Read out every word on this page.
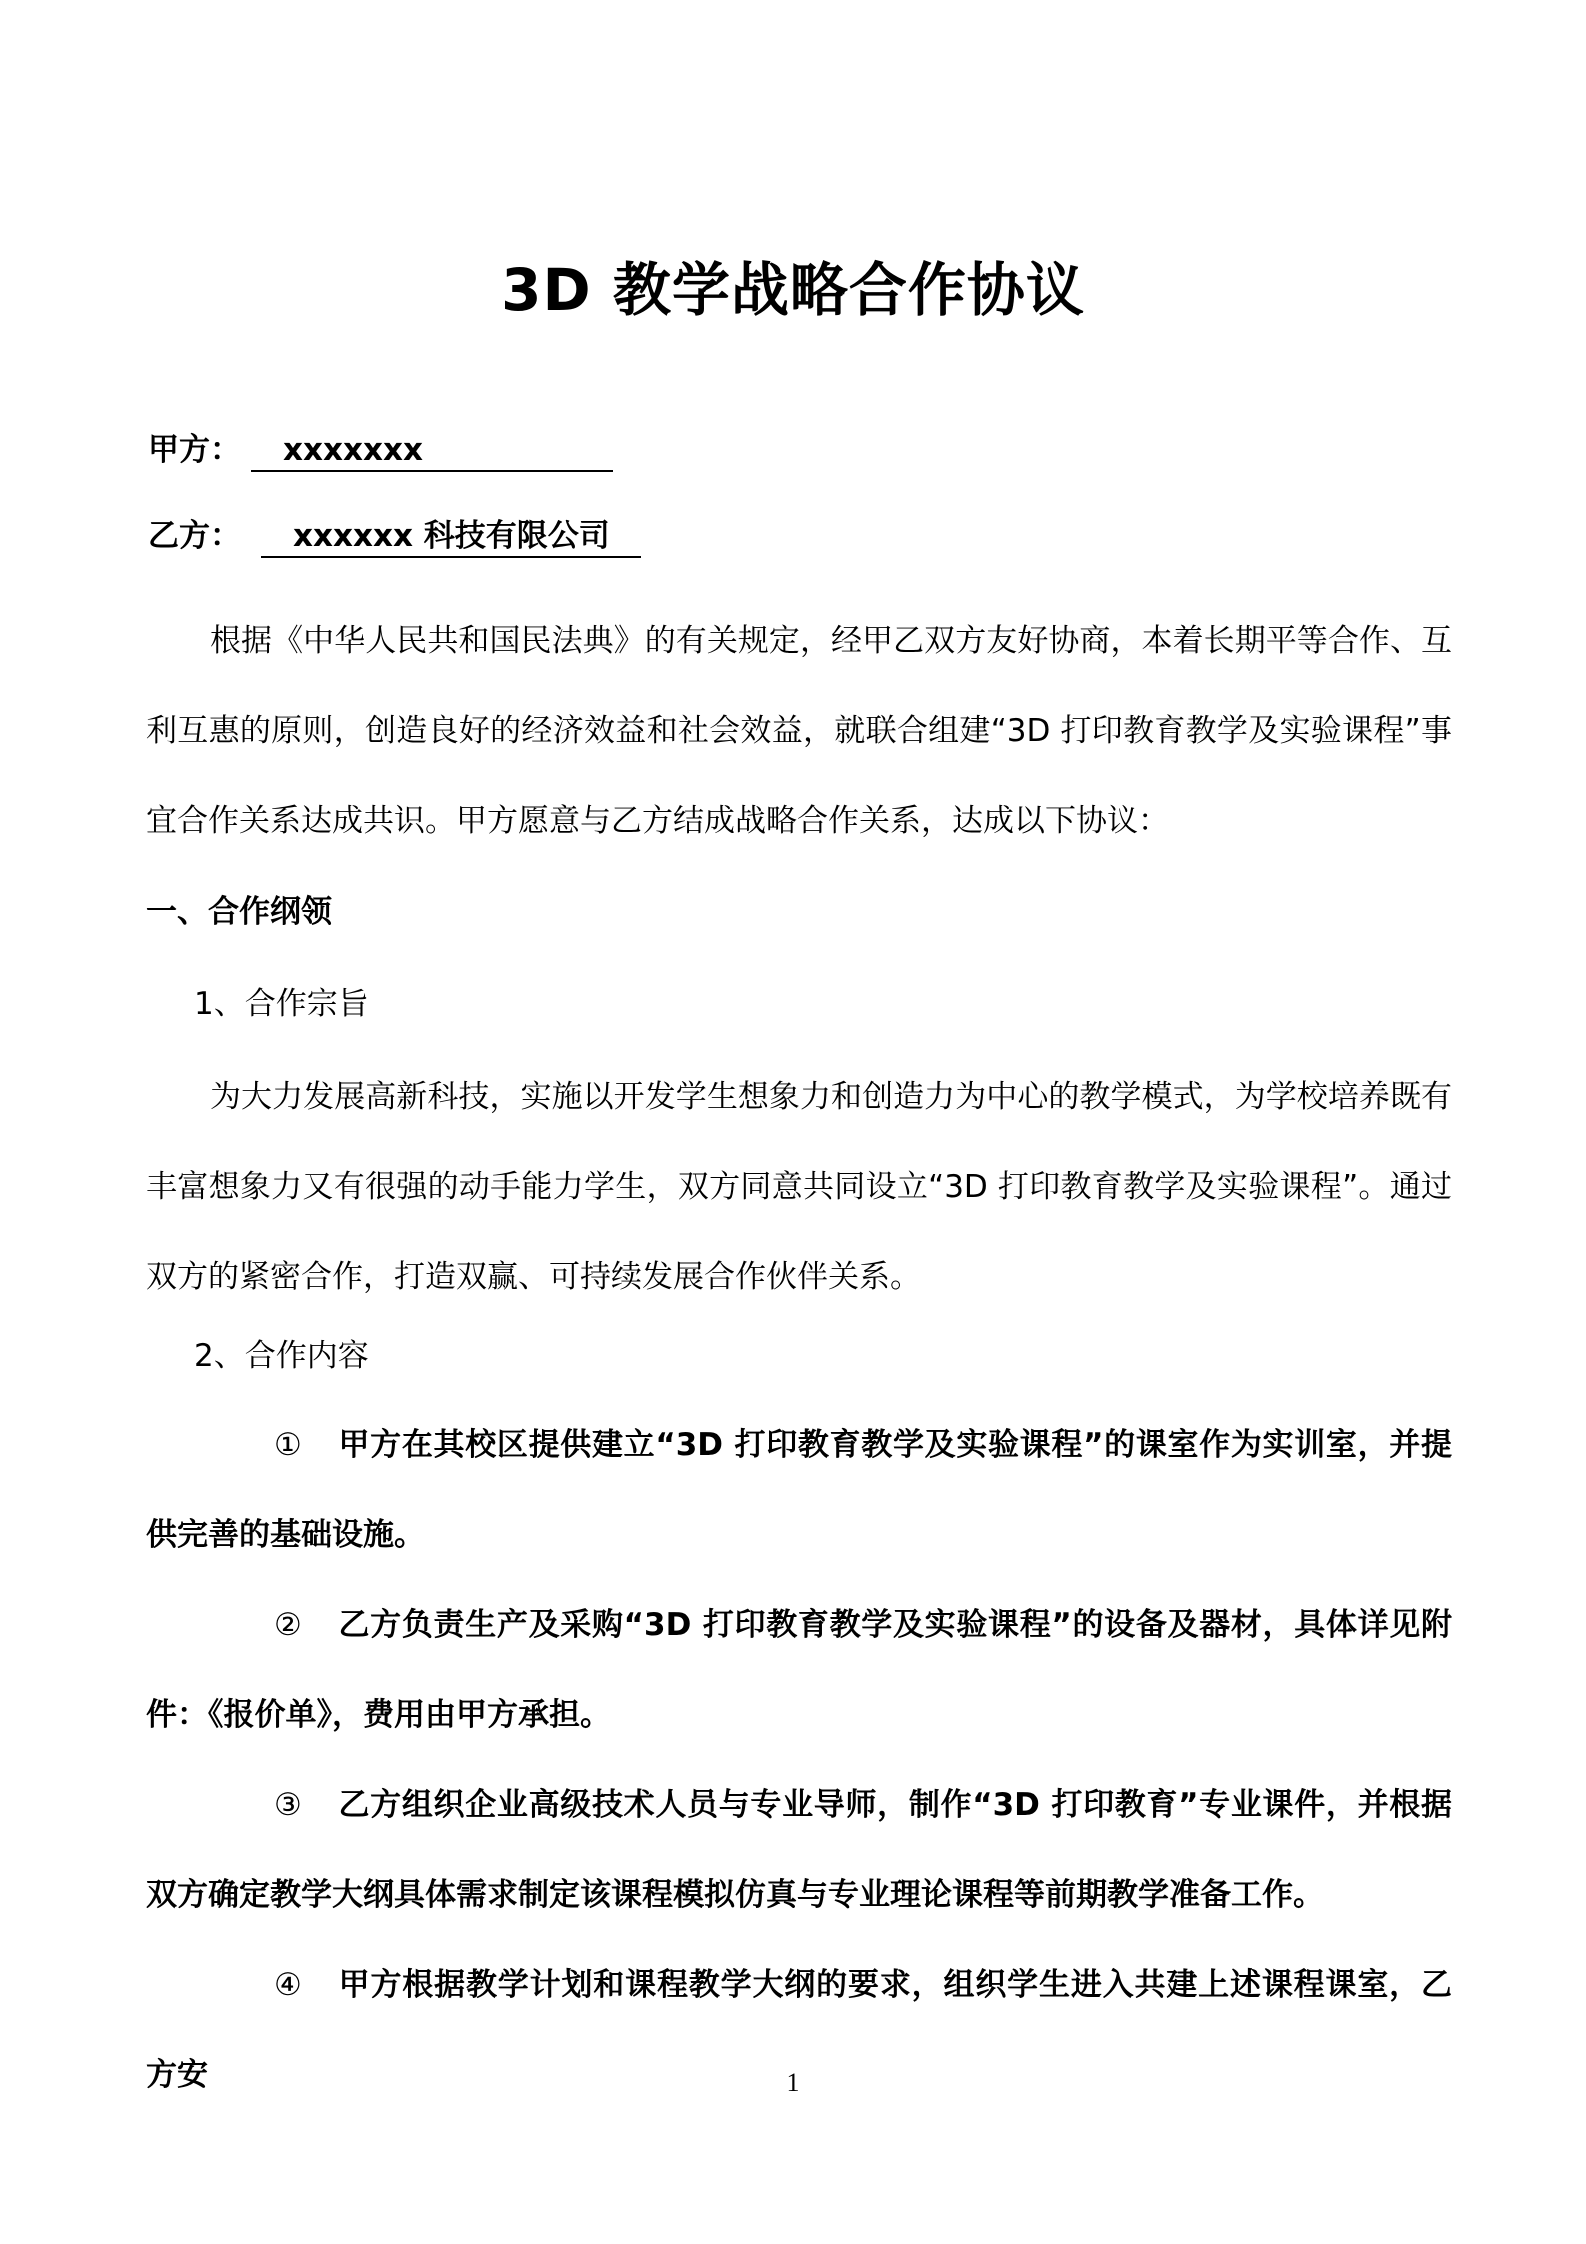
3D 教学战略合作协议
甲方： xxxxxxx
乙方： xxxxxx 科技有限公司
根据《中华人民共和国民法典》的有关规定，经甲乙双方友好协商，本着长期平等合作、互利互惠的原则，创造良好的经济效益和社会效益，就联合组建“3D 打印教育教学及实验课程”事宜合作关系达成共识。甲方愿意与乙方结成战略合作关系，达成以下协议：
一、合作纲领
1、合作宗旨
为大力发展高新科技，实施以开发学生想象力和创造力为中心的教学模式，为学校培养既有丰富想象力又有很强的动手能力学生，双方同意共同设立“3D 打印教育教学及实验课程”。通过双方的紧密合作，打造双赢、可持续发展合作伙伴关系。
2、合作内容
① 甲方在其校区提供建立“3D 打印教育教学及实验课程”的课室作为实训室，并提供完善的基础设施。
② 乙方负责生产及采购“3D 打印教育教学及实验课程”的设备及器材，具体详见附件：《报价单》，费用由甲方承担。
③ 乙方组织企业高级技术人员与专业导师，制作“3D 打印教育”专业课件，并根据双方确定教学大纲具体需求制定该课程模拟仿真与专业理论课程等前期教学准备工作。
④ 甲方根据教学计划和课程教学大纲的要求，组织学生进入共建上述课程课室，乙方安	1
